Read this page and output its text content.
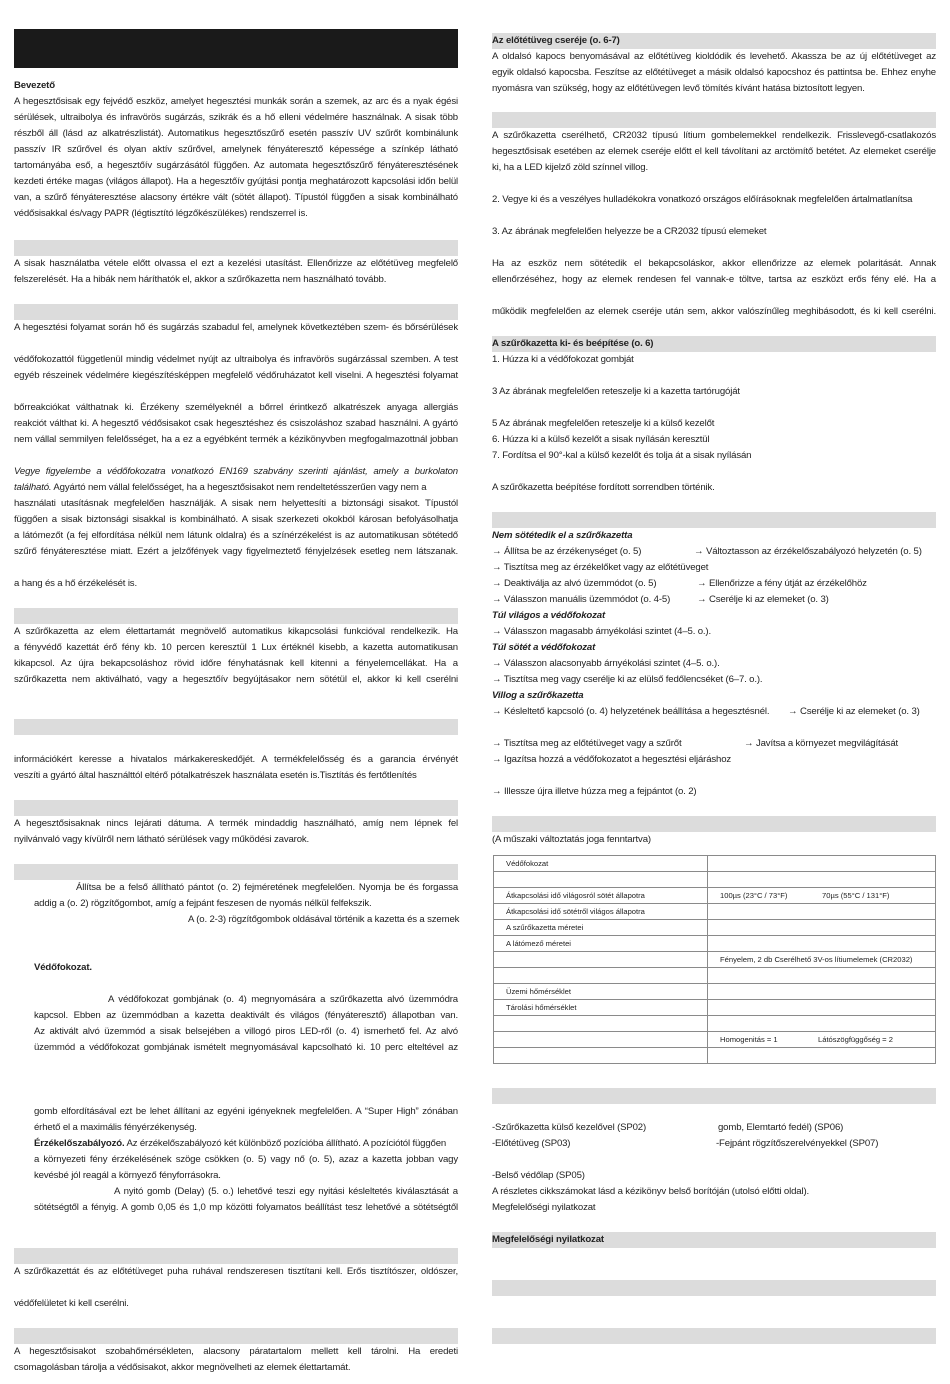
Bevezető
A hegesztősisak egy fejvédő eszköz, amelyet hegesztési munkák során a szemek, az arc és a nyak égési
sérülések, ultraibolya és infravörös sugárzás, szikrák és a hő elleni védelmére használnak. A sisak több
részből áll (lásd az alkatrészlistát). Automatikus hegesztőszűrő esetén passzív UV szűrőt kombinálunk
passzív IR szűrővel és olyan aktív szűrővel, amelynek fényáteresztő képessége a színkép látható
tartományába eső, a hegesztőív sugárzásától függően. Az automata hegesztőszűrő fényáteresztésének
kezdeti értéke magas (világos állapot). Ha a hegesztőív gyújtási pontja meghatározott kapcsolási időn belül
van, a szűrő fényáteresztése alacsony értékre vált (sötét állapot). Típustól függően a sisak kombinálható
védősisakkal és/vagy PAPR (légtisztító légzőkészülékes) rendszerrel is.
A sisak használatba vétele előtt olvassa el ezt a kezelési utasítást. Ellenőrizze az előtétüveg megfelelő
felszerelését. Ha a hibák nem háríthatók el, akkor a szűrőkazetta nem használható tovább.
A hegesztési folyamat során hő és sugárzás szabadul fel, amelynek következtében szem- és bőrsérülések
védőfokozattól függetlenül mindig védelmet nyújt az ultraibolya és infravörös sugárzással szemben. A test
egyéb részeinek védelmére kiegészítésképpen megfelelő védőruházatot kell viselni. A hegesztési folyamat
bőrreakciókat válthatnak ki. Érzékeny személyeknél a bőrrel érintkező alkatrészek anyaga allergiás
reakciót válthat ki. A hegesztő védősisakot csak hegesztéshez és csiszoláshoz szabad használni. A gyártó
nem vállal semmilyen felelősséget, ha a ez a egyébként termék a kézikönyvben megfogalmazottnál jobban
Vegye figyelembe a védőfokozatra vonatkozó EN169 szabvány szerinti ajánlást, amely a burkolaton
található. Agyártó nem vállal felelősséget, ha a hegesztősisakot nem rendeltetésszerűen vagy nem a
használati utasításnak megfelelően használják. A sisak nem helyettesíti a biztonsági sisakot. Típustól
függően a sisak biztonsági sisakkal is kombinálható. A sisak szerkezeti okokból károsan befolyásolhatja
a látómezőt (a fej elfordítása nélkül nem látunk oldalra) és a színérzékelést is az automatikusan sötétedő
szűrő fényáteresztése miatt. Ezért a jelzőfények vagy figyelmeztető fényjelzések esetleg nem látszanak.
a hang és a hő érzékelését is.
A szűrőkazetta az elem élettartamát megnövelő automatikus kikapcsolási funkcióval rendelkezik. Ha
a fényvédő kazettát érő fény kb. 10 percen keresztül 1 Lux értéknél kisebb, a kazetta automatikusan
kikapcsol. Az újra bekapcsoláshoz rövid időre fényhatásnak kell kitenni a fényelemcellákat. Ha a
szűrőkazetta nem aktiválható, vagy a hegesztőív begyújtásakor nem sötétül el, akkor ki kell cserélni
információkért keresse a hivatalos márkakereskedőjét. A termékfelelősség és a garancia érvényét
veszíti a gyártó által használttól eltérő pótalkatrészek használata esetén is.Tisztítás és fertőtlenítés
A hegesztősisaknak nincs lejárati dátuma. A termék mindaddig használható, amíg nem lépnek fel
nyilvánvaló vagy kívülről nem látható sérülések vagy működési zavarok.
Állítsa be a felső állítható pántot (o. 2) fejméretének megfelelően. Nyomja be és forgassa
addig a (o. 2) rögzítőgombot, amíg a fejpánt feszesen de nyomás nélkül felfekszik.
A (o. 2-3) rögzítőgombok oldásával történik a kazetta és a szemek
Védőfokozat.
A védőfokozat gombjának (o. 4) megnyomására a szűrőkazetta alvó üzemmódra
kapcsol. Ebben az üzemmódban a kazetta deaktivált és világos (fényáteresztő) állapotban van.
Az aktivált alvó üzemmód a sisak belsejében a villogó piros LED-ről (o. 4) ismerhető fel. Az alvó
üzemmód a védőfokozat gombjának ismételt megnyomásával kapcsolható ki. 10 perc elteltével az
gomb elfordításával ezt be lehet állítani az egyéni igényeknek megfelelően. A “Super High” zónában
érhető el a maximális fényérzékenység.
Érzékelőszabályozó. Az érzékelőszabályozó két különböző pozícióba állítható. A pozíciótól függően
a környezeti fény érzékelésének szöge csökken (o. 5) vagy nő (o. 5), azaz a kazetta jobban vagy
kevésbé jól reagál a környező fényforrásokra.
A nyitó gomb (Delay) (5. o.) lehetővé teszi egy nyitási késleltetés kiválasztását a
sötétségtől a fényig. A gomb 0,05 és 1,0 mp közötti folyamatos beállítást tesz lehetővé a sötétségtől
A szűrőkazettát és az előtétüveget puha ruhával rendszeresen tisztítani kell. Erős tisztítószer, oldószer,
védőfelületet ki kell cserélni.
A hegesztősisakot szobahőmérsékleten, alacsony páratartalom mellett kell tárolni. Ha eredeti
csomagolásban tárolja a védősisakot, akkor megnövelheti az elemek élettartamát.
Az előtétüveg cseréje (o. 6-7)
A oldalsó kapocs benyomásával az előtétüveg kioldódik és levehető. Akassza be az új előtétüveget az
egyik oldalsó kapocsba. Feszítse az előtétüveget a másik oldalsó kapocshoz és pattintsa be. Ehhez enyhe
nyomásra van szükség, hogy az előtétüvegen levő tömítés kívánt hatása biztosított legyen.
A szűrőkazetta cserélhető, CR2032 típusú lítium gombelemekkel rendelkezik. Frisslevegő-csatlakozós
hegesztősisak esetében az elemek cseréje előtt el kell távolítani az arctömítő betétet. Az elemeket cserélje
ki, ha a LED kijelző zöld színnel villog.
2. Vegye ki és a veszélyes hulladékokra vonatkozó országos előírásoknak megfelelően ártalmatlanítsa
3. Az ábrának megfelelően helyezze be a CR2032 típusú elemeket
Ha az eszköz nem sötétedik el bekapcsoláskor, akkor ellenőrizze az elemek polaritását. Annak
ellenőrzéséhez, hogy az elemek rendesen fel vannak-e töltve, tartsa az eszközt erős fény elé. Ha a
működik megfelelően az elemek cseréje után sem, akkor valószínűleg meghibásodott, és ki kell cserélni.
A szűrőkazetta ki- és beépítése (o. 6)
1. Húzza ki a védőfokozat gombját
3 Az ábrának megfelelően reteszelje ki a kazetta tartórugóját
5 Az ábrának megfelelően reteszelje ki a külső kezelőt
6. Húzza ki a külső kezelőt a sisak nyílásán keresztül
7. Fordítsa el 90°-kal a külső kezelőt és tolja át a sisak nyílásán
A szűrőkazetta beépítése fordított sorrendben történik.
Nem sötétedik el a szűrőkazetta
→ Állítsa be az érzékenységet (o. 5)	→ Változtasson az érzékelőszabályozó helyzetén (o. 5)
→ Tisztítsa meg az érzékelőket vagy az előtétüveget
→ Deaktiválja az alvó üzemmódot (o. 5)	→ Ellenőrizze a fény útját az érzékelőhöz
→ Válasszon manuális üzemmódot (o. 4-5)	→ Cserélje ki az elemeket (o. 3)
Túl világos a védőfokozat
→ Válasszon magasabb árnyékolási szintet (4–5. o.).
Túl sötét a védőfokozat
→ Válasszon alacsonyabb árnyékolási szintet (4–5. o.).
→ Tisztítsa meg vagy cserélje ki az elülső fedőlencséket (6–7. o.).
Villog a szűrőkazetta
→ Késleltető kapcsoló (o. 4) helyzetének beállítása a hegesztésnél. → Cserélje ki az elemeket (o. 3)
→ Tisztítsa meg az előtétüveget vagy a szűrőt	→ Javítsa a környezet megvilágítását
→ Igazítsa hozzá a védőfokozatot a hegesztési eljáráshoz
→ Illessze újra illetve húzza meg a fejpántot (o. 2)
(A műszaki változtatás joga fenntartva)
Védőfokozat	

Átkapcsolási idő világosról sötét állapotra	100µs (23°C / 73°F) 70µs (55°C / 131°F)
Átkapcsolási idő sötétről világos állapotra	
A szűrőkazetta méretei	
A látómező méretei	
	Fényelem, 2 db Cserélhető 3V-os lítiumelemek (CR2032)

Üzemi hőmérséklet	
Tárolási hőmérséklet	

	Homogenitás = 1 Látószögfüggőség = 2

-Szűrőkazetta külső kezelővel (SP02)	gomb, Elemtartó fedél) (SP06)
-Előtétüveg (SP03)	-Fejpánt rögzítőszerelvényekkel (SP07)
-Belső védőlap (SP05)
A részletes cikkszámokat lásd a kézikönyv belső borítóján (utolsó előtti oldal).
Megfelelőségi nyilatkozat
Megfelelőségi nyilatkozat
